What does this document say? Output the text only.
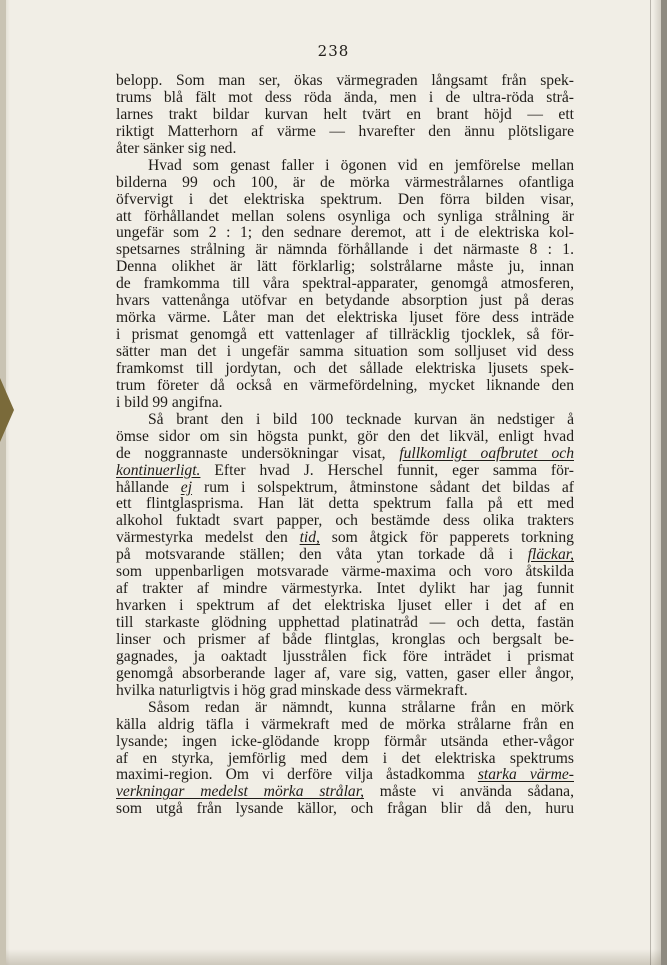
238
belopp. Som man ser, ökas värmegraden långsamt från spek-
trums blå fält mot dess röda ända, men i de ultra-röda strå-
larnes trakt bildar kurvan helt tvärt en brant höjd — ett
riktigt Matterhorn af värme — hvarefter den ännu plötsligare
åter sänker sig ned.
Hvad som genast faller i ögonen vid en jemförelse mellan
bilderna 99 och 100, är de mörka värmestrålarnes ofantliga
öfvervigt i det elektriska spektrum. Den förra bilden visar,
att förhållandet mellan solens osynliga och synliga strålning är
ungefär som 2 : 1; den sednare deremot, att i de elektriska kol-
spetsarnes strålning är nämnda förhållande i det närmaste 8 : 1.
Denna olikhet är lätt förklarlig; solstrålarne måste ju, innan
de framkomma till våra spektral-apparater, genomgå atmosferen,
hvars vattenånga utöfvar en betydande absorption just på deras
mörka värme. Låter man det elektriska ljuset före dess inträde
i prismat genomgå ett vattenlager af tillräcklig tjocklek, så för-
sätter man det i ungefär samma situation som solljuset vid dess
framkomst till jordytan, och det sållade elektriska ljusets spek-
trum företer då också en värmefördelning, mycket liknande den
i bild 99 angifna.
Så brant den i bild 100 tecknade kurvan än nedstiger å
ömse sidor om sin högsta punkt, gör den det likväl, enligt hvad
de noggrannaste undersökningar visat, fullkomligt oafbrutet och
kontinuerligt. Efter hvad J. Herschel funnit, eger samma för-
hållande ej rum i solspektrum, åtminstone sådant det bildas af
ett flintglasprisma. Han lät detta spektrum falla på ett med
alkohol fuktadt svart papper, och bestämde dess olika trakters
värmestyrka medelst den tid, som åtgick för papperets torkning
på motsvarande ställen; den våta ytan torkade då i fläckar,
som uppenbarligen motsvarade värme-maxima och voro åtskilda
af trakter af mindre värmestyrka. Intet dylikt har jag funnit
hvarken i spektrum af det elektriska ljuset eller i det af en
till starkaste glödning upphettad platinatråd — och detta, fastän
linser och prismer af både flintglas, kronglas och bergsalt be-
gagnades, ja oaktadt ljusstrålen fick före inträdet i prismat
genomgå absorberande lager af, vare sig, vatten, gaser eller ångor,
hvilka naturligtvis i hög grad minskade dess värmekraft.
Såsom redan är nämndt, kunna strålarne från en mörk
källa aldrig täfla i värmekraft med de mörka strålarne från en
lysande; ingen icke-glödande kropp förmår utsända ether-vågor
af en styrka, jemförlig med dem i det elektriska spektrums
maximi-region. Om vi derföre vilja åstadkomma starka värme-
verkningar medelst mörka strålar, måste vi använda sådana,
som utgå från lysande källor, och frågan blir då den, huru
